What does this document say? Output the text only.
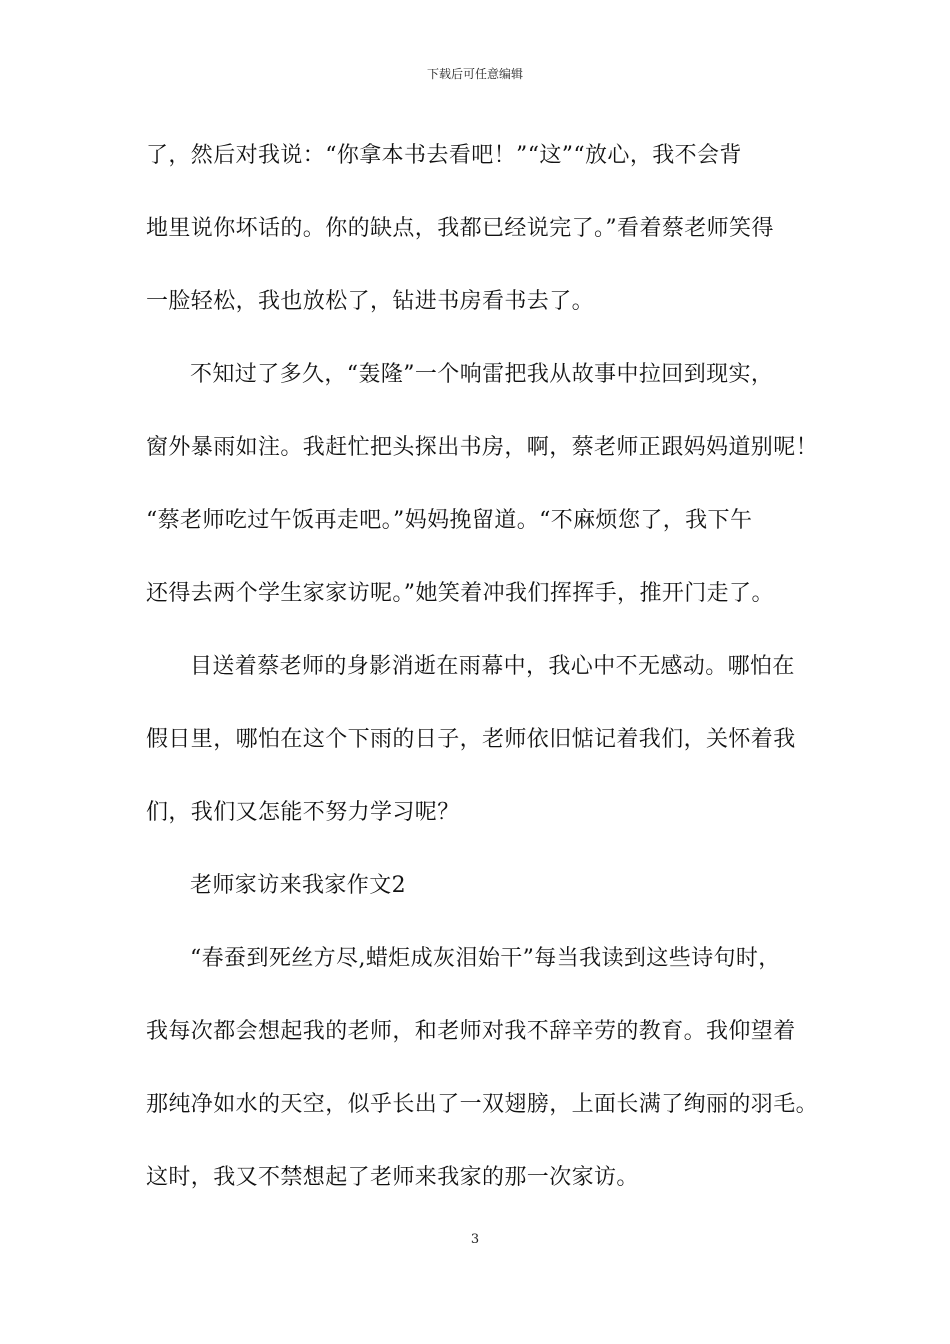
下载后可任意编辑
了，然后对我说：“你拿本书去看吧！”“这”“放心，我不会背
地里说你坏话的。你的缺点，我都已经说完了。”看着蔡老师笑得
一脸轻松，我也放松了，钻进书房看书去了。
不知过了多久，“轰隆”一个响雷把我从故事中拉回到现实，
窗外暴雨如注。我赶忙把头探出书房，啊，蔡老师正跟妈妈道别呢！
“蔡老师吃过午饭再走吧。”妈妈挽留道。“不麻烦您了，我下午
还得去两个学生家家访呢。”她笑着冲我们挥挥手，推开门走了。
目送着蔡老师的身影消逝在雨幕中，我心中不无感动。哪怕在
假日里，哪怕在这个下雨的日子，老师依旧惦记着我们，关怀着我
们，我们又怎能不努力学习呢？
老师家访来我家作文2
“春蚕到死丝方尽,蜡炬成灰泪始干”每当我读到这些诗句时，
我每次都会想起我的老师，和老师对我不辞辛劳的教育。我仰望着
那纯净如水的天空，似乎长出了一双翅膀，上面长满了绚丽的羽毛。
这时，我又不禁想起了老师来我家的那一次家访。
3
